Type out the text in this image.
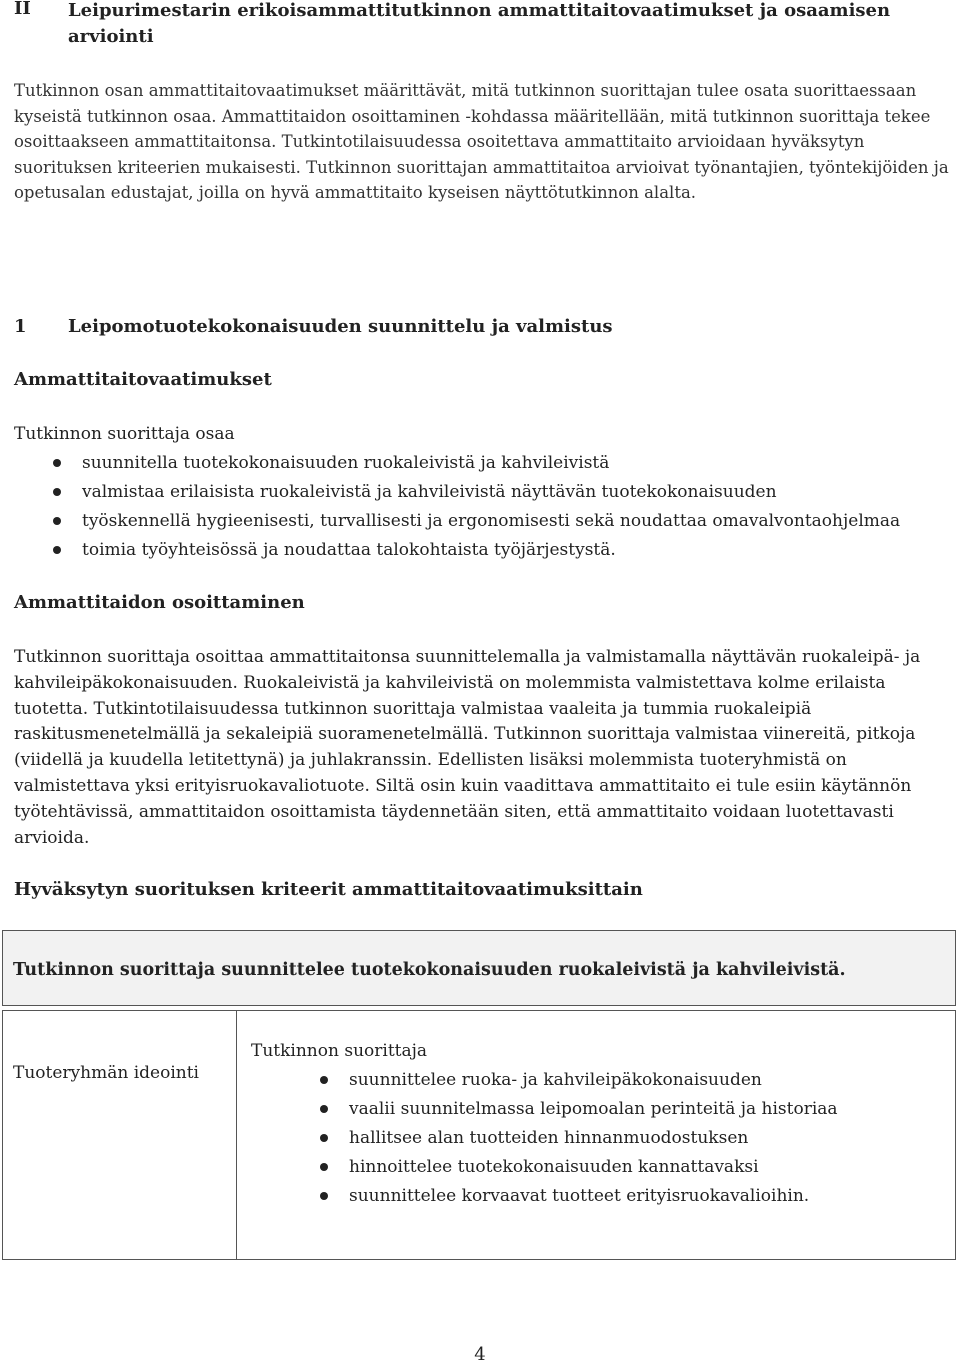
II Leipurimestarin erikoisammattitutkinnon ammattitaitovaatimukset ja osaamisen arviointi
Tutkinnon osan ammattitaitovaatimukset määrittävät, mitä tutkinnon suorittajan tulee osata suorittaessaan kyseistä tutkinnon osaa. Ammattitaidon osoittaminen -kohdassa määritellään, mitä tutkinnon suorittaja tekee osoittaakseen ammattitaitonsa. Tutkintotilaisuudessa osoitettava ammattitaito arvioidaan hyväksytyn suorituksen kriteerien mukaisesti. Tutkinnon suorittajan ammattitaitoa arvioivat työnantajien, työntekijöiden ja opetusalan edustajat, joilla on hyvä ammattitaito kyseisen näyttötutkinnon alalta.
1 Leipomotuotekokonaisuuden suunnittelu ja valmistus
Ammattitaitovaatimukset
Tutkinnon suorittaja osaa
suunnitella tuotekokonaisuuden ruokaleivistä ja kahvileivistä
valmistaa erilaisista ruokaleivistä ja kahvileivistä näyttävän tuotekokonaisuuden
työskennellä hygieenisesti, turvallisesti ja ergonomisesti sekä noudattaa omavalvontaohjelmaa
toimia työyhteisössä ja noudattaa talokohtaista työjärjestystä.
Ammattitaidon osoittaminen
Tutkinnon suorittaja osoittaa ammattitaitonsa suunnittelemalla ja valmistamalla näyttävän ruokaleipä- ja kahvileipäkokonaisuuden. Ruokaleivistä ja kahvileivistä on molemmista valmistettava kolme erilaista tuotetta. Tutkintotilaisuudessa tutkinnon suorittaja valmistaa vaaleita ja tummia ruokaleipiä raskitusmenetelmällä ja sekaleipiä suoramenetelmällä. Tutkinnon suorittaja valmistaa viinereitä, pitkoja (viidellä ja kuudella letitettynä) ja juhlakranssin. Edellisten lisäksi molemmista tuoteryhmistä on valmistettava yksi erityisruokavaliotuote. Siltä osin kuin vaadittava ammattitaito ei tule esiin käytännön työtehtävissä, ammattitaidon osoittamista täydennetään siten, että ammattitaito voidaan luotettavasti arvioida.
Hyväksytyn suorituksen kriteerit ammattitaitovaatimuksittain
Tutkinnon suorittaja suunnittelee tuotekokonaisuuden ruokaleivistä ja kahvileivistä.
Tuoteryhmän ideointi
Tutkinnon suorittaja
suunnittelee ruoka- ja kahvileipäkokonaisuuden
vaalii suunnitelmassa leipomoalan perinteitä ja historiaa
hallitsee alan tuotteiden hinnanmuodostuksen
hinnoittelee tuotekokonaisuuden kannattavaksi
suunnittelee korvaavat tuotteet erityisruokavalioihin.
4
